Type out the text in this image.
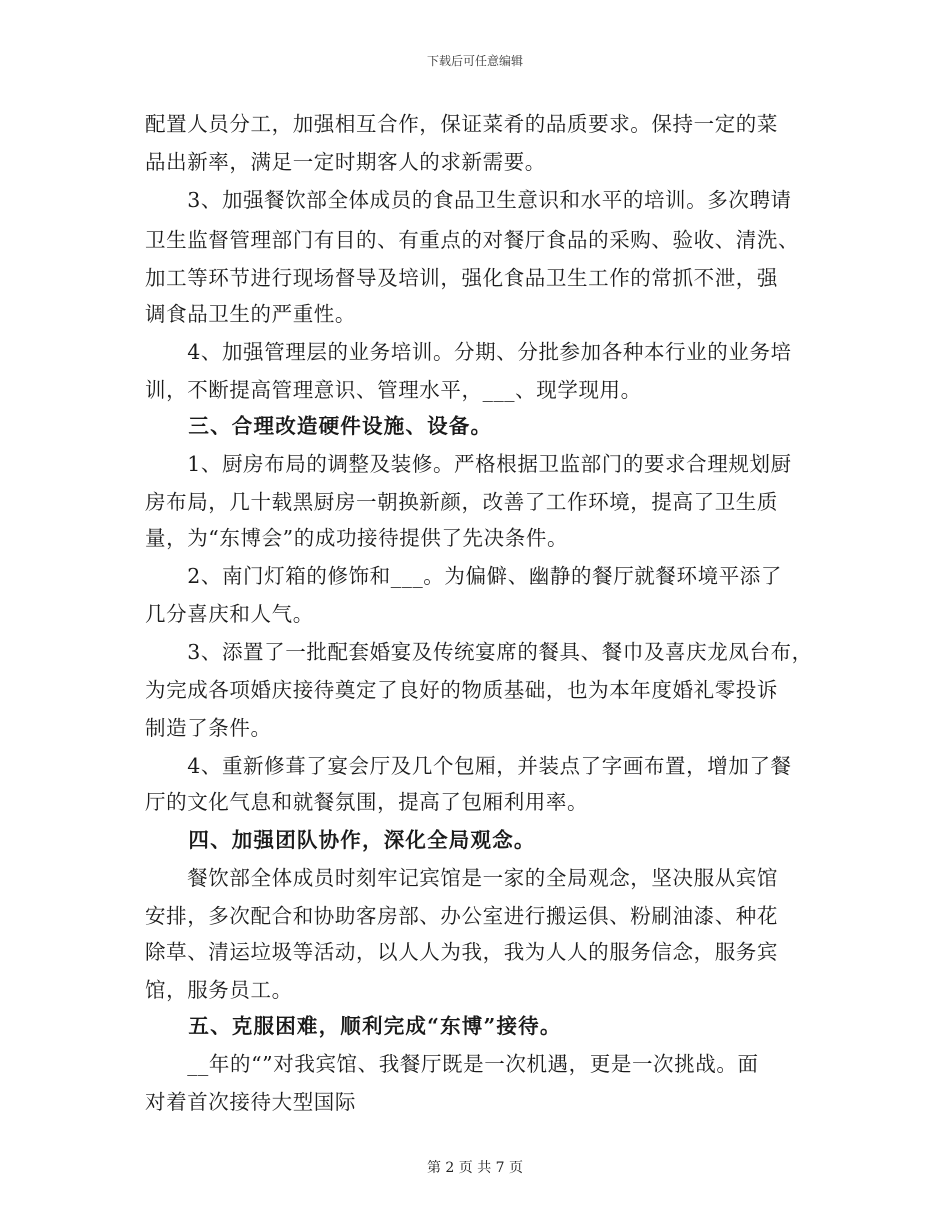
下载后可任意编辑
配置人员分工，加强相互合作，保证菜肴的品质要求。保持一定的菜
品出新率，满足一定时期客人的求新需要。
　　3、加强餐饮部全体成员的食品卫生意识和水平的培训。多次聘请
卫生监督管理部门有目的、有重点的对餐厅食品的采购、验收、清洗、
加工等环节进行现场督导及培训，强化食品卫生工作的常抓不泄，强
调食品卫生的严重性。
　　4、加强管理层的业务培训。分期、分批参加各种本行业的业务培
训，不断提高管理意识、管理水平，___、现学现用。
　　三、合理改造硬件设施、设备。
　　1、厨房布局的调整及装修。严格根据卫监部门的要求合理规划厨
房布局，几十载黑厨房一朝换新颜，改善了工作环境，提高了卫生质
量，为“东博会”的成功接待提供了先决条件。
　　2、南门灯箱的修饰和___。为偏僻、幽静的餐厅就餐环境平添了
几分喜庆和人气。
　　3、添置了一批配套婚宴及传统宴席的餐具、餐巾及喜庆龙凤台布，
为完成各项婚庆接待奠定了良好的物质基础，也为本年度婚礼零投诉
制造了条件。
　　4、重新修葺了宴会厅及几个包厢，并装点了字画布置，增加了餐
厅的文化气息和就餐氛围，提高了包厢利用率。
　　四、加强团队协作，深化全局观念。
　　餐饮部全体成员时刻牢记宾馆是一家的全局观念，坚决服从宾馆
安排，多次配合和协助客房部、办公室进行搬运俱、粉刷油漆、种花
除草、清运垃圾等活动，以人人为我，我为人人的服务信念，服务宾
馆，服务员工。
　　五、克服困难，顺利完成“东博”接待。
　　__年的“”对我宾馆、我餐厅既是一次机遇，更是一次挑战。面
对着首次接待大型国际
第 2 页 共 7 页
